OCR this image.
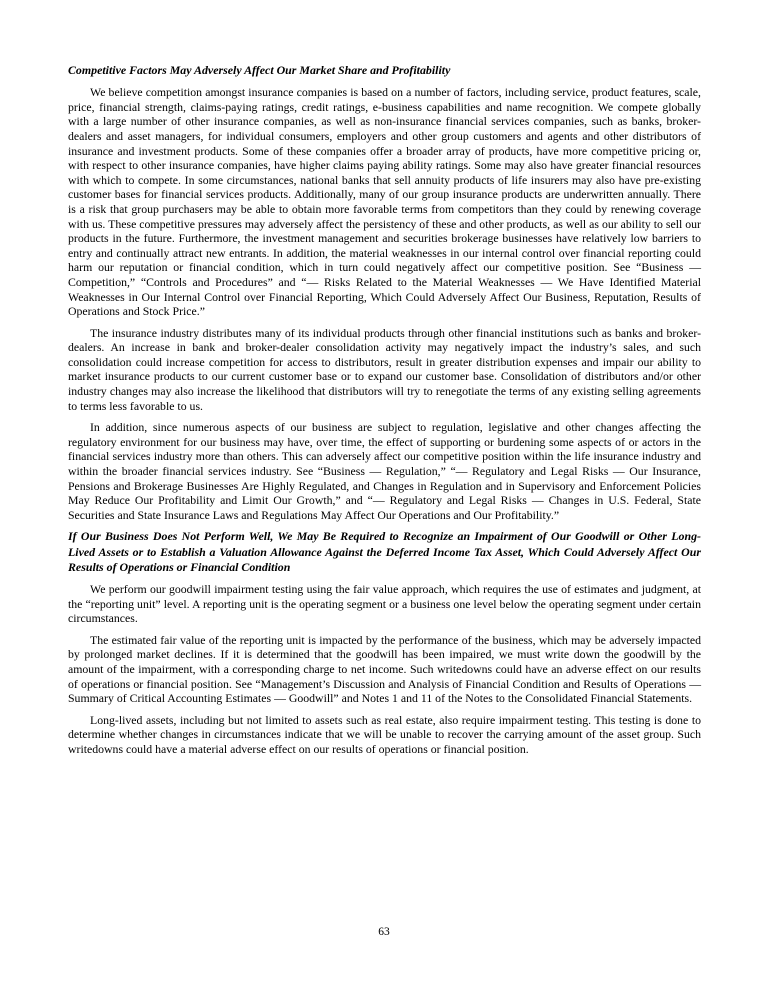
Competitive Factors May Adversely Affect Our Market Share and Profitability
We believe competition amongst insurance companies is based on a number of factors, including service, product features, scale, price, financial strength, claims-paying ratings, credit ratings, e-business capabilities and name recognition. We compete globally with a large number of other insurance companies, as well as non-insurance financial services companies, such as banks, broker-dealers and asset managers, for individual consumers, employers and other group customers and agents and other distributors of insurance and investment products. Some of these companies offer a broader array of products, have more competitive pricing or, with respect to other insurance companies, have higher claims paying ability ratings. Some may also have greater financial resources with which to compete. In some circumstances, national banks that sell annuity products of life insurers may also have pre-existing customer bases for financial services products. Additionally, many of our group insurance products are underwritten annually. There is a risk that group purchasers may be able to obtain more favorable terms from competitors than they could by renewing coverage with us. These competitive pressures may adversely affect the persistency of these and other products, as well as our ability to sell our products in the future. Furthermore, the investment management and securities brokerage businesses have relatively low barriers to entry and continually attract new entrants. In addition, the material weaknesses in our internal control over financial reporting could harm our reputation or financial condition, which in turn could negatively affect our competitive position. See “Business — Competition,” “Controls and Procedures” and “— Risks Related to the Material Weaknesses — We Have Identified Material Weaknesses in Our Internal Control over Financial Reporting, Which Could Adversely Affect Our Business, Reputation, Results of Operations and Stock Price.”
The insurance industry distributes many of its individual products through other financial institutions such as banks and broker-dealers. An increase in bank and broker-dealer consolidation activity may negatively impact the industry’s sales, and such consolidation could increase competition for access to distributors, result in greater distribution expenses and impair our ability to market insurance products to our current customer base or to expand our customer base. Consolidation of distributors and/or other industry changes may also increase the likelihood that distributors will try to renegotiate the terms of any existing selling agreements to terms less favorable to us.
In addition, since numerous aspects of our business are subject to regulation, legislative and other changes affecting the regulatory environment for our business may have, over time, the effect of supporting or burdening some aspects of or actors in the financial services industry more than others. This can adversely affect our competitive position within the life insurance industry and within the broader financial services industry. See “Business — Regulation,” “— Regulatory and Legal Risks — Our Insurance, Pensions and Brokerage Businesses Are Highly Regulated, and Changes in Regulation and in Supervisory and Enforcement Policies May Reduce Our Profitability and Limit Our Growth,” and “— Regulatory and Legal Risks — Changes in U.S. Federal, State Securities and State Insurance Laws and Regulations May Affect Our Operations and Our Profitability.”
If Our Business Does Not Perform Well, We May Be Required to Recognize an Impairment of Our Goodwill or Other Long-Lived Assets or to Establish a Valuation Allowance Against the Deferred Income Tax Asset, Which Could Adversely Affect Our Results of Operations or Financial Condition
We perform our goodwill impairment testing using the fair value approach, which requires the use of estimates and judgment, at the “reporting unit” level. A reporting unit is the operating segment or a business one level below the operating segment under certain circumstances.
The estimated fair value of the reporting unit is impacted by the performance of the business, which may be adversely impacted by prolonged market declines. If it is determined that the goodwill has been impaired, we must write down the goodwill by the amount of the impairment, with a corresponding charge to net income. Such writedowns could have an adverse effect on our results of operations or financial position. See “Management’s Discussion and Analysis of Financial Condition and Results of Operations — Summary of Critical Accounting Estimates — Goodwill” and Notes 1 and 11 of the Notes to the Consolidated Financial Statements.
Long-lived assets, including but not limited to assets such as real estate, also require impairment testing. This testing is done to determine whether changes in circumstances indicate that we will be unable to recover the carrying amount of the asset group. Such writedowns could have a material adverse effect on our results of operations or financial position.
63
